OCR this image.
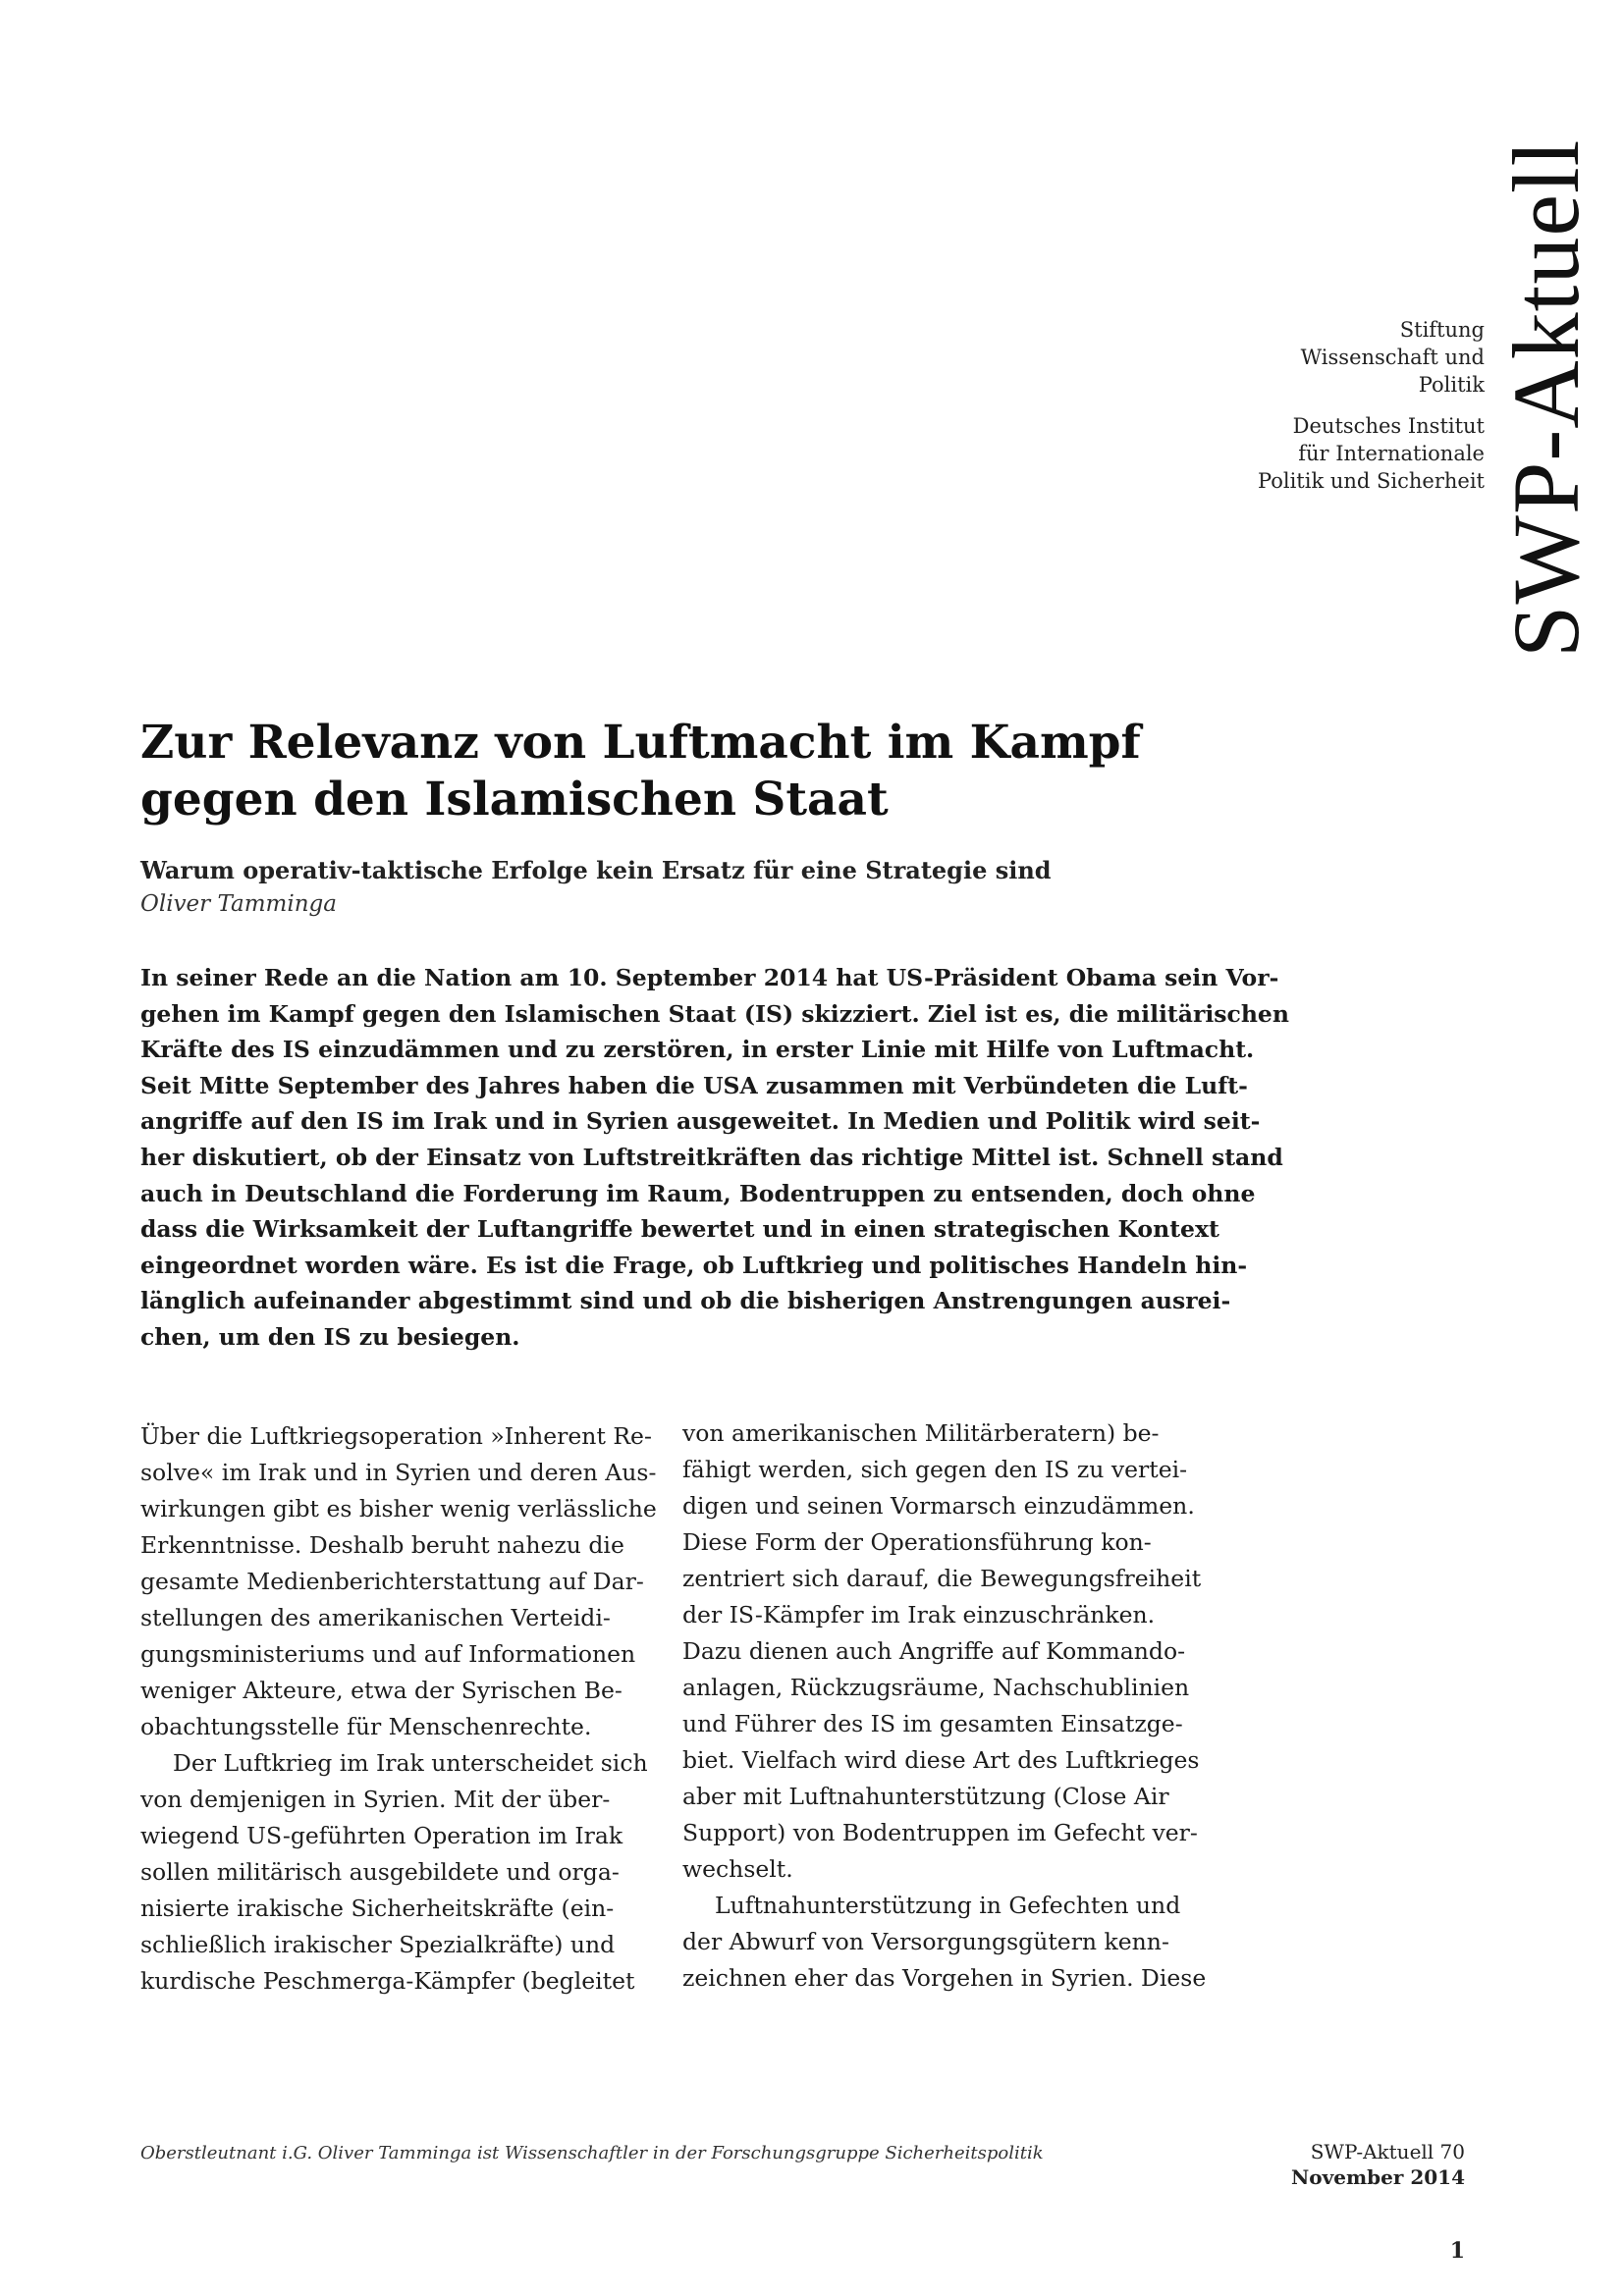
SWP-Aktuell
Stiftung
Wissenschaft und
Politik
Deutsches Institut
für Internationale
Politik und Sicherheit
Zur Relevanz von Luftmacht im Kampf
gegen den Islamischen Staat
Warum operativ-taktische Erfolge kein Ersatz für eine Strategie sind
Oliver Tamminga
In seiner Rede an die Nation am 10. September 2014 hat US-Präsident Obama sein Vor-
gehen im Kampf gegen den Islamischen Staat (IS) skizziert. Ziel ist es, die militärischen
Kräfte des IS einzudämmen und zu zerstören, in erster Linie mit Hilfe von Luftmacht.
Seit Mitte September des Jahres haben die USA zusammen mit Verbündeten die Luft-
angriffe auf den IS im Irak und in Syrien ausgeweitet. In Medien und Politik wird seit-
her diskutiert, ob der Einsatz von Luftstreitkräften das richtige Mittel ist. Schnell stand
auch in Deutschland die Forderung im Raum, Bodentruppen zu entsenden, doch ohne
dass die Wirksamkeit der Luftangriffe bewertet und in einen strategischen Kontext
eingeordnet worden wäre. Es ist die Frage, ob Luftkrieg und politisches Handeln hin-
länglich aufeinander abgestimmt sind und ob die bisherigen Anstrengungen ausrei-
chen, um den IS zu besiegen.
Über die Luftkriegsoperation »Inherent Re-
solve« im Irak und in Syrien und deren Aus-
wirkungen gibt es bisher wenig verlässliche
Erkenntnisse. Deshalb beruht nahezu die
gesamte Medienberichterstattung auf Dar-
stellungen des amerikanischen Verteidi-
gungsministeriums und auf Informationen
weniger Akteure, etwa der Syrischen Be-
obachtungsstelle für Menschenrechte.
Der Luftkrieg im Irak unterscheidet sich
von demjenigen in Syrien. Mit der über-
wiegend US-geführten Operation im Irak
sollen militärisch ausgebildete und orga-
nisierte irakische Sicherheitskräfte (ein-
schließlich irakischer Spezialkräfte) und
kurdische Peschmerga-Kämpfer (begleitet
von amerikanischen Militärberatern) be-
fähigt werden, sich gegen den IS zu vertei-
digen und seinen Vormarsch einzudämmen.
Diese Form der Operationsführung kon-
zentriert sich darauf, die Bewegungsfreiheit
der IS-Kämpfer im Irak einzuschränken.
Dazu dienen auch Angriffe auf Kommando-
anlagen, Rückzugsräume, Nachschublinien
und Führer des IS im gesamten Einsatzge-
biet. Vielfach wird diese Art des Luftkrieges
aber mit Luftnahunterstützung (Close Air
Support) von Bodentruppen im Gefecht ver-
wechselt.
Luftnahunterstützung in Gefechten und
der Abwurf von Versorgungsgütern kenn-
zeichnen eher das Vorgehen in Syrien. Diese
Oberstleutnant i.G. Oliver Tamminga ist Wissenschaftler in der Forschungsgruppe Sicherheitspolitik	SWP-Aktuell 70
November 2014
1
